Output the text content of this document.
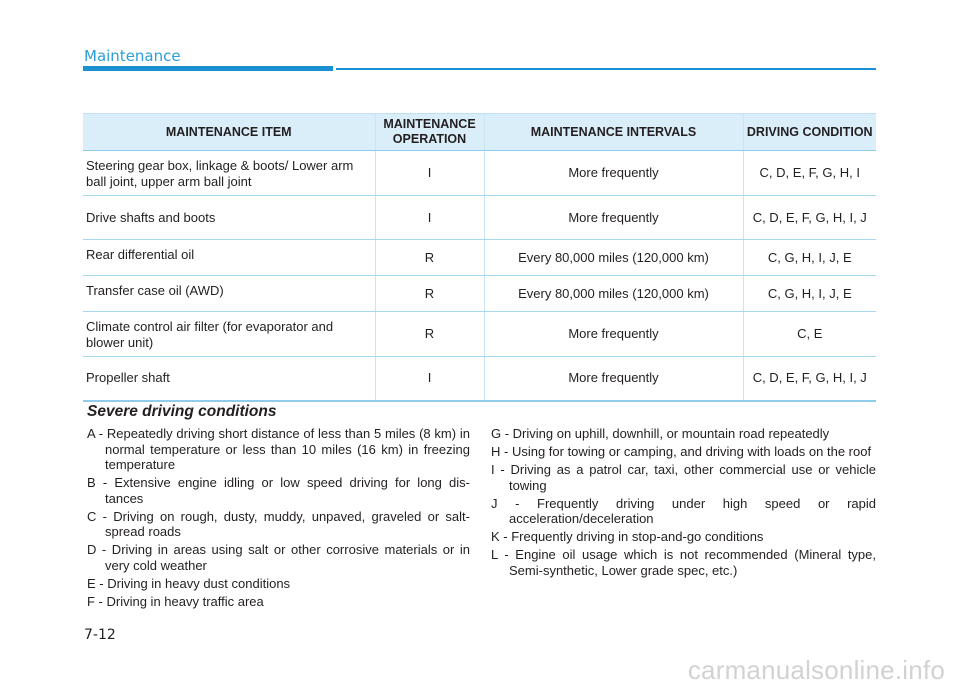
Maintenance
MAINTENANCE ITEM	MAINTENANCE OPERATION	MAINTENANCE INTERVALS	DRIVING CONDITION
Steering gear box, linkage & boots/ Lower arm ball joint, upper arm ball joint	I	More frequently	C, D, E, F, G, H, I
Drive shafts and boots	I	More frequently	C, D, E, F, G, H, I, J
Rear differential oil	R	Every 80,000 miles (120,000 km)	C, G, H, I, J, E
Transfer case oil (AWD)	R	Every 80,000 miles (120,000 km)	C, G, H, I, J, E
Climate control air filter (for evaporator and blower unit)	R	More frequently	C, E
Propeller shaft	I	More frequently	C, D, E, F, G, H, I, J
Severe driving conditions

A - Repeatedly driving short distance of less than 5 miles (8 km) in normal temperature or less than 10 miles (16 km) in freezing temperature

B - Extensive engine idling or low speed driving for long dis- tances

C - Driving on rough, dusty, muddy, unpaved, graveled or salt- spread roads

D - Driving in areas using salt or other corrosive materials or in very cold weather

E - Driving in heavy dust conditions

F - Driving in heavy traffic area

G - Driving on uphill, downhill, or mountain road repeatedly

H - Using for towing or camping, and driving with loads on the roof

I - Driving as a patrol car, taxi, other commercial use or vehicle towing

J - Frequently driving under high speed or rapid acceleration/deceleration

K - Frequently driving in stop-and-go conditions

L - Engine oil usage which is not recommended (Mineral type, Semi-synthetic, Lower grade spec, etc.)

7-12
carmanualsonline.info
